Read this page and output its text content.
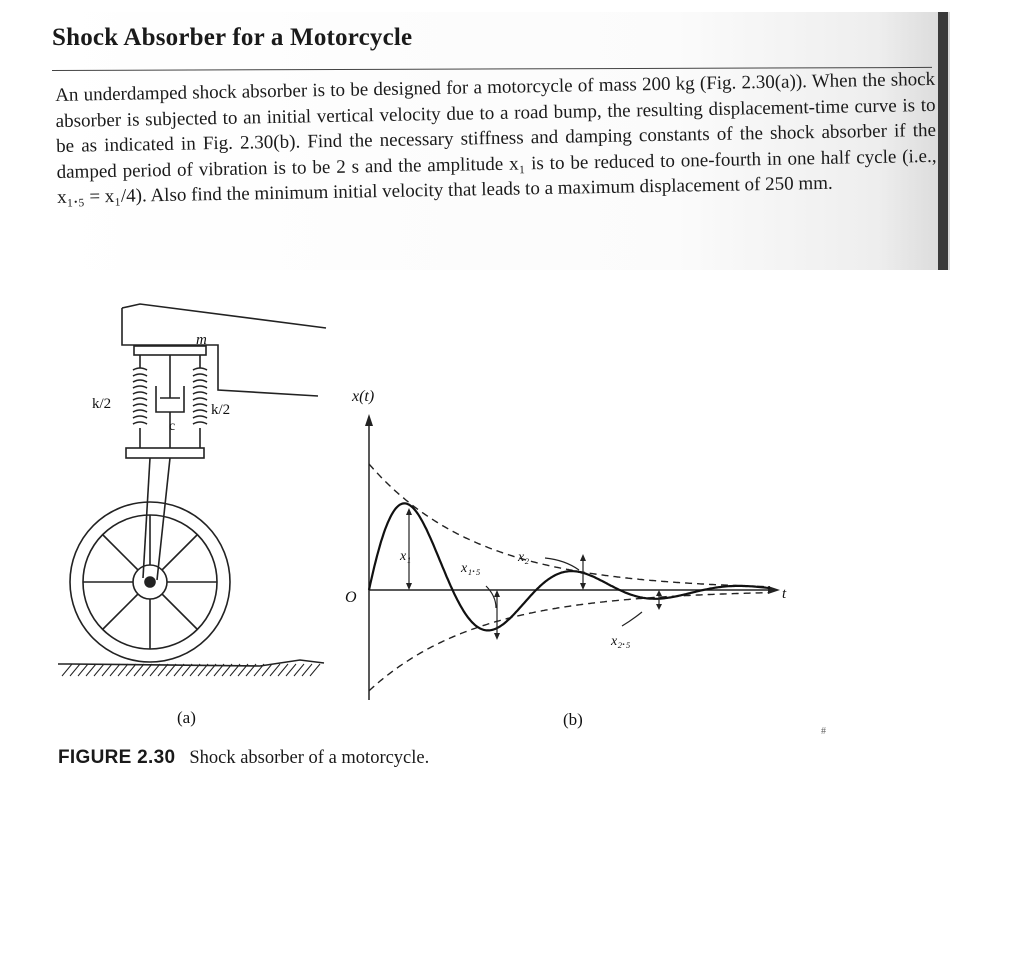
Shock Absorber for a Motorcycle
An underdamped shock absorber is to be designed for a motorcycle of mass 200 kg (Fig. 2.30(a)). When the shock absorber is subjected to an initial vertical velocity due to a road bump, the resulting displacement-time curve is to be as indicated in Fig. 2.30(b). Find the necessary stiffness and damping constants of the shock absorber if the damped period of vibration is to be 2 s and the amplitude x₁ is to be reduced to one-fourth in one half cycle (i.e., x₁.₅ = x₁/4). Also find the minimum initial velocity that leads to a maximum displacement of 250 mm.
m
k/2	k/2
c
(a)
x(t)
t
O
x₁
x₁.₅
x₂
x₂.₅
(b)
FIGURE 2.30 Shock absorber of a motorcycle.
#
